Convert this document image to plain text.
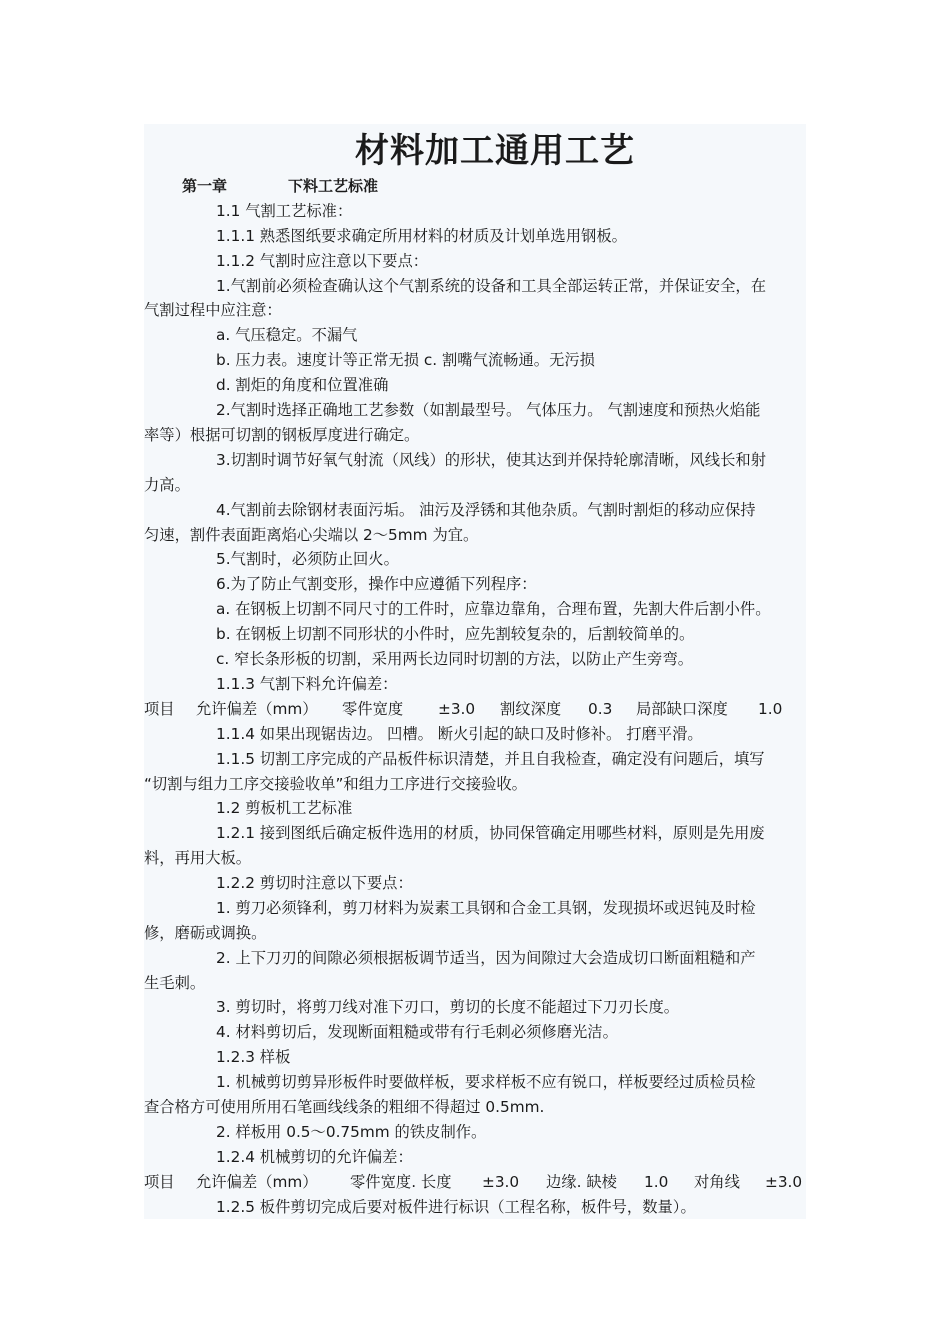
材料加工通用工艺
第一章	下料工艺标准
1.1 气割工艺标准：
1.1.1 熟悉图纸要求确定所用材料的材质及计划单选用钢板。
1.1.2 气割时应注意以下要点：
1.气割前必须检查确认这个气割系统的设备和工具全部运转正常，并保证安全，在
气割过程中应注意：
a. 气压稳定。不漏气
b. 压力表。速度计等正常无损 c. 割嘴气流畅通。无污损
d. 割炬的角度和位置准确
2.气割时选择正确地工艺参数（如割最型号。 气体压力。 气割速度和预热火焰能
率等）根据可切割的钢板厚度进行确定。
3.切割时调节好氧气射流（风线）的形状，使其达到并保持轮廓清晰，风线长和射
力高。
4.气割前去除钢材表面污垢。 油污及浮锈和其他杂质。气割时割炬的移动应保持
匀速，割件表面距离焰心尖端以 2～5mm 为宜。
5.气割时，必须防止回火。
6.为了防止气割变形，操作中应遵循下列程序：
a. 在钢板上切割不同尺寸的工件时，应靠边靠角，合理布置，先割大件后割小件。
b. 在钢板上切割不同形状的小件时，应先割较复杂的，后割较简单的。
c. 窄长条形板的切割，采用两长边同时切割的方法，以防止产生旁弯。
1.1.3 气割下料允许偏差：
项目 允许偏差（mm） 零件宽度 ±3.0 割纹深度 0.3 局部缺口深度 1.0
1.1.4 如果出现锯齿边。 凹槽。 断火引起的缺口及时修补。 打磨平滑。
1.1.5 切割工序完成的产品板件标识清楚，并且自我检查，确定没有问题后，填写
“切割与组力工序交接验收单”和组力工序进行交接验收。
1.2 剪板机工艺标准
1.2.1 接到图纸后确定板件选用的材质，协同保管确定用哪些材料，原则是先用废
料，再用大板。
1.2.2 剪切时注意以下要点：
1. 剪刀必须锋利，剪刀材料为炭素工具钢和合金工具钢，发现损坏或迟钝及时检
修，磨砺或调换。
2. 上下刀刃的间隙必须根据板调节适当，因为间隙过大会造成切口断面粗糙和产
生毛刺。
3. 剪切时，将剪刀线对准下刃口，剪切的长度不能超过下刀刃长度。
4. 材料剪切后，发现断面粗糙或带有行毛刺必须修磨光洁。
1.2.3 样板
1. 机械剪切剪异形板件时要做样板，要求样板不应有锐口，样板要经过质检员检
查合格方可使用所用石笔画线线条的粗细不得超过 0.5mm.
2. 样板用 0.5～0.75mm 的铁皮制作。
1.2.4 机械剪切的允许偏差：
项目 允许偏差（mm） 零件宽度. 长度 ±3.0 边缘. 缺棱 1.0 对角线 ±3.0
1.2.5 板件剪切完成后要对板件进行标识（工程名称，板件号，数量）。
